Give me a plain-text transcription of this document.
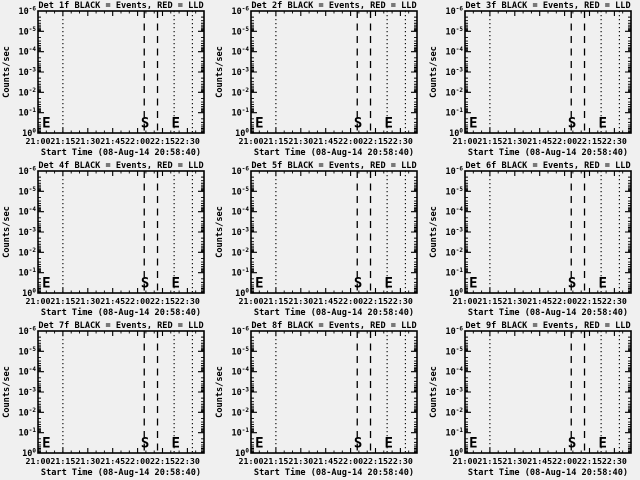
Det 1f BLACK = Events, RED = LLD
$10^{-6}$
$10^{-5}$
$10^{-4}$
$10^{-3}$
$10^{-2}$
$10^{-1}$
$10^0$
21:00 21:15 21:30 21:45 22:00 22:15 22:30
Start Time (08-Aug-14 20:58:40)
Counts/sec
E	S E
Det 2f BLACK = Events, RED = LLD
$10^{-6}$
$10^{-5}$
$10^{-4}$
$10^{-3}$
$10^{-2}$
$10^{-1}$
$10^0$
21:00 21:15 21:30 21:45 22:00 22:15 22:30
Start Time (08-Aug-14 20:58:40)
Counts/sec
E	S E
Det 3f BLACK = Events, RED = LLD
$10^{-6}$
$10^{-5}$
$10^{-4}$
$10^{-3}$
$10^{-2}$
$10^{-1}$
$10^0$
21:00 21:15 21:30 21:45 22:00 22:15 22:30
Start Time (08-Aug-14 20:58:40)
Counts/sec
E	S E
Det 4f BLACK = Events, RED = LLD
$10^{-6}$
$10^{-5}$
$10^{-4}$
$10^{-3}$
$10^{-2}$
$10^{-1}$
$10^0$
21:00 21:15 21:30 21:45 22:00 22:15 22:30
Start Time (08-Aug-14 20:58:40)
Counts/sec
E	S E
Det 5f BLACK = Events, RED = LLD
$10^{-6}$
$10^{-5}$
$10^{-4}$
$10^{-3}$
$10^{-2}$
$10^{-1}$
$10^0$
21:00 21:15 21:30 21:45 22:00 22:15 22:30
Start Time (08-Aug-14 20:58:40)
Counts/sec
E	S E
Det 6f BLACK = Events, RED = LLD
$10^{-6}$
$10^{-5}$
$10^{-4}$
$10^{-3}$
$10^{-2}$
$10^{-1}$
$10^0$
21:00 21:15 21:30 21:45 22:00 22:15 22:30
Start Time (08-Aug-14 20:58:40)
Counts/sec
E	S E
Det 7f BLACK = Events, RED = LLD
$10^{-6}$
$10^{-5}$
$10^{-4}$
$10^{-3}$
$10^{-2}$
$10^{-1}$
$10^0$
21:00 21:15 21:30 21:45 22:00 22:15 22:30
Start Time (08-Aug-14 20:58:40)
Counts/sec
E	S E
Det 8f BLACK = Events, RED = LLD
$10^{-6}$
$10^{-5}$
$10^{-4}$
$10^{-3}$
$10^{-2}$
$10^{-1}$
$10^0$
21:00 21:15 21:30 21:45 22:00 22:15 22:30
Start Time (08-Aug-14 20:58:40)
Counts/sec
E	S E
Det 9f BLACK = Events, RED = LLD
$10^{-6}$
$10^{-5}$
$10^{-4}$
$10^{-3}$
$10^{-2}$
$10^{-1}$
$10^0$
21:00 21:15 21:30 21:45 22:00 22:15 22:30
Start Time (08-Aug-14 20:58:40)
Counts/sec
E	S E
